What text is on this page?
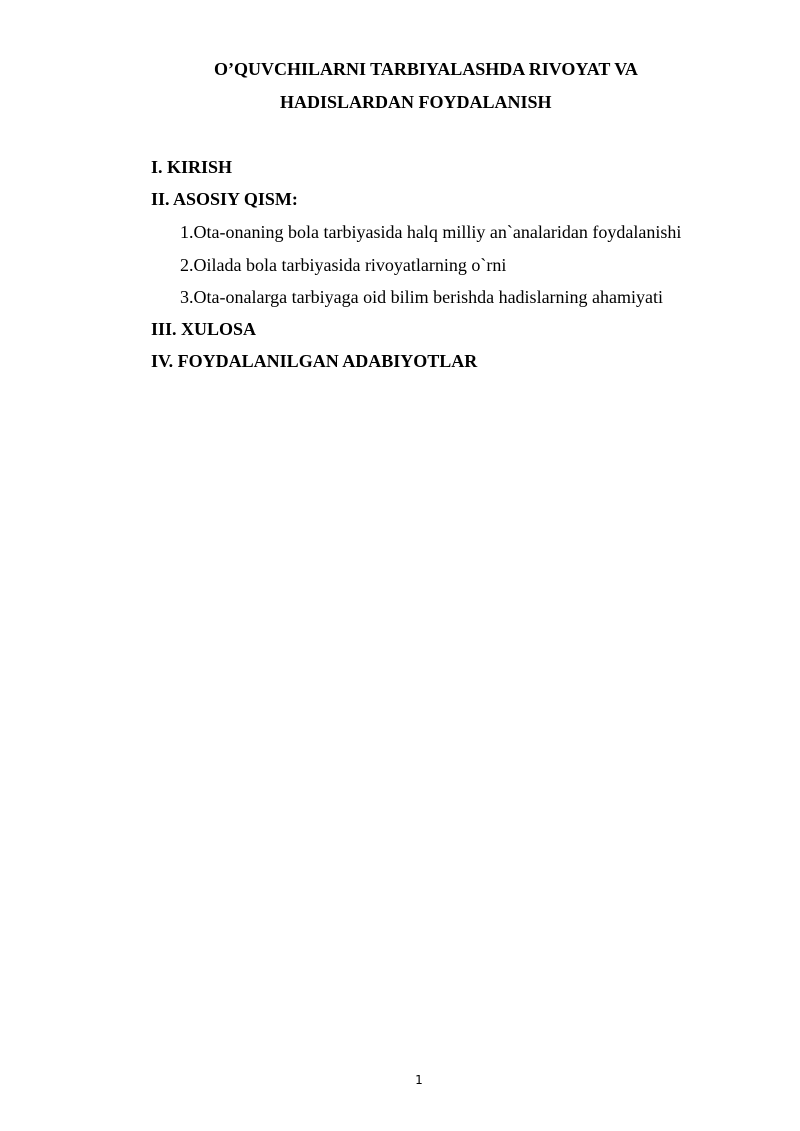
O’QUVCHILARNI TARBIYALASHDA RIVOYAT VA
HADISLARDAN FOYDALANISH
I. KIRISH
II. ASOSIY QISM:
1.Ota-onaning bola tarbiyasida halq milliy an`analaridan foydalanishi
2.Oilada bola tarbiyasida rivoyatlarning o`rni
3.Ota-onalarga tarbiyaga oid bilim berishda hadislarning ahamiyati
III. XULOSA
IV. FOYDALANILGAN ADABIYOTLAR
1
